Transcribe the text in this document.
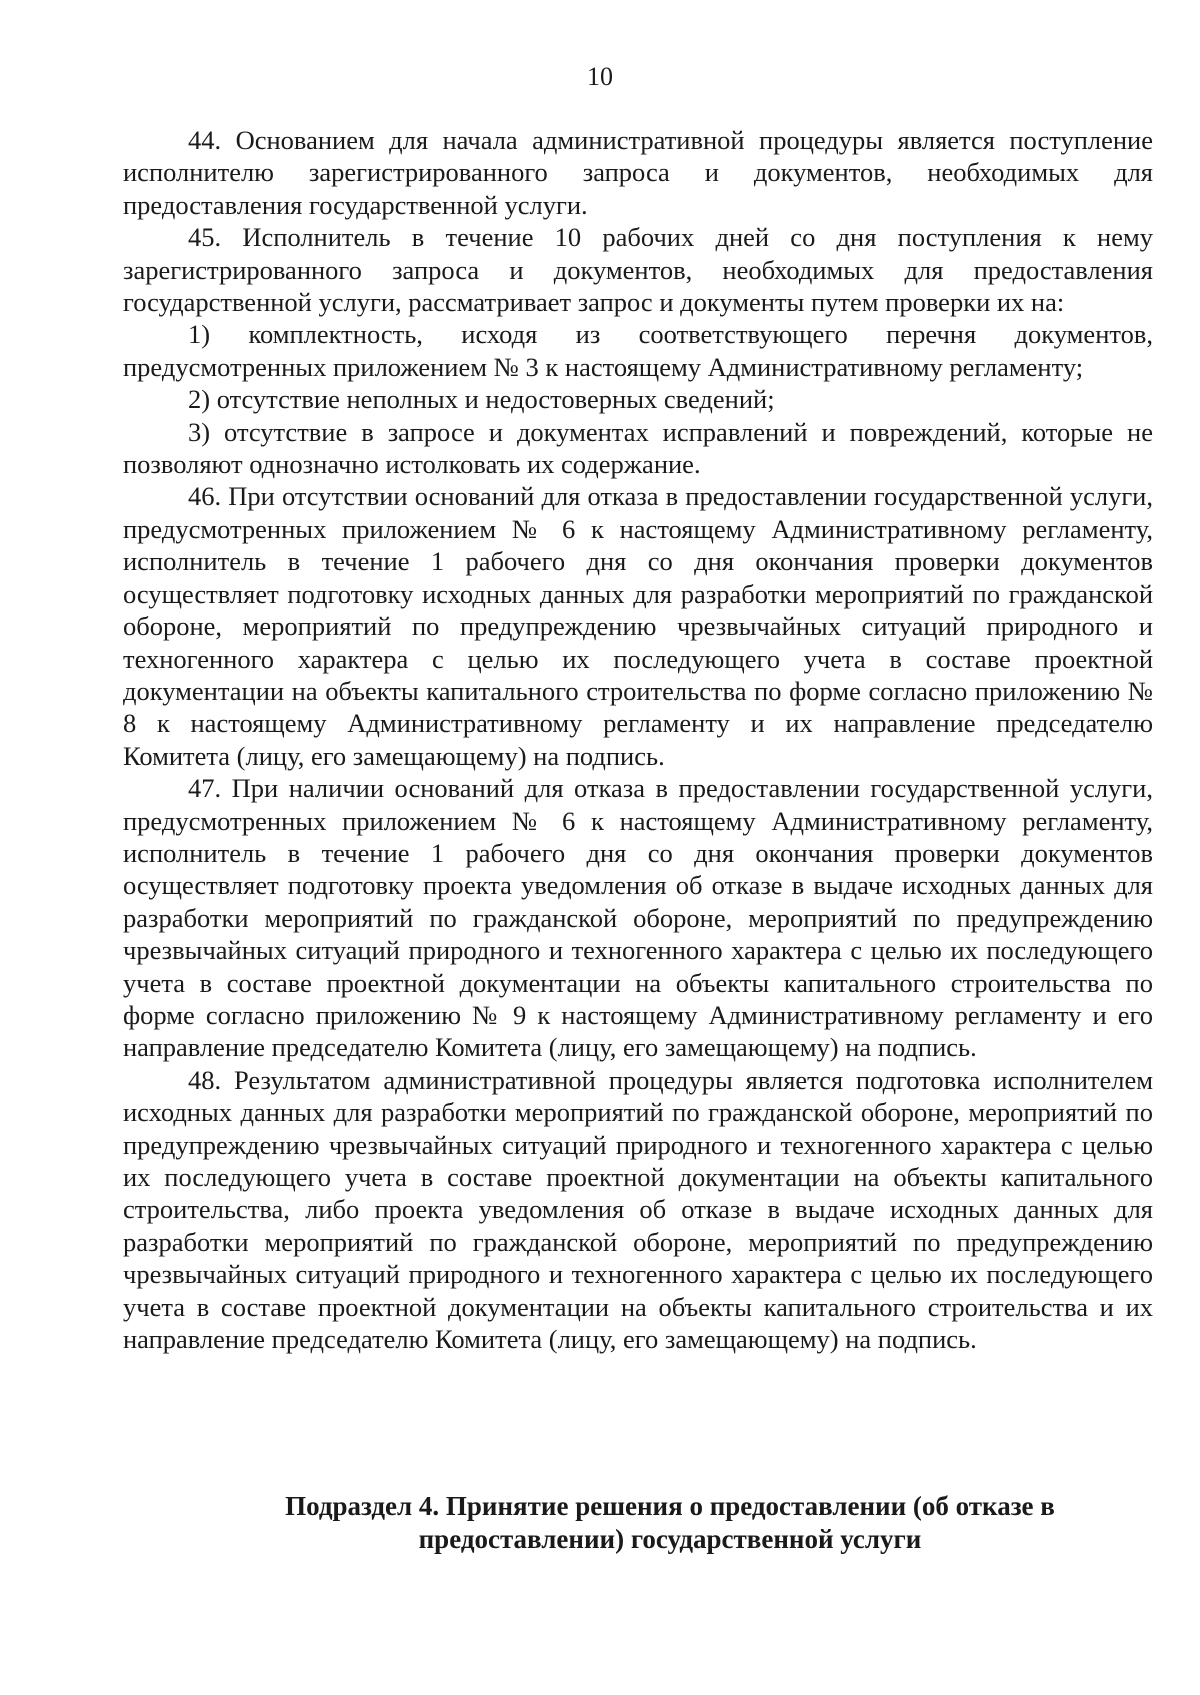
10

44. Основанием для начала административной процедуры является поступление исполнителю зарегистрированного запроса и документов, необходимых для предоставления государственной услуги.

45. Исполнитель в течение 10 рабочих дней со дня поступления к нему зарегистрированного запроса и документов, необходимых для предоставления государственной услуги, рассматривает запрос и документы путем проверки их на:

1) комплектность, исходя из соответствующего перечня документов, предусмотренных приложением № 3 к настоящему Административному регламенту;

2) отсутствие неполных и недостоверных сведений;

3) отсутствие в запросе и документах исправлений и повреждений, которые не позволяют однозначно истолковать их содержание.

46. При отсутствии оснований для отказа в предоставлении государственной услуги, предусмотренных приложением № 6 к настоящему Административному регламенту, исполнитель в течение 1 рабочего дня со дня окончания проверки документов осуществляет подготовку исходных данных для разработки мероприятий по гражданской обороне, мероприятий по предупреждению чрезвычайных ситуаций природного и техногенного характера с целью их последующего учета в составе проектной документации на объекты капитального строительства по форме согласно приложению № 8 к настоящему Административному регламенту и их направление председателю Комитета (лицу, его замещающему) на подпись.

47. При наличии оснований для отказа в предоставлении государственной услуги, предусмотренных приложением № 6 к настоящему Административному регламенту, исполнитель в течение 1 рабочего дня со дня окончания проверки документов осуществляет подготовку проекта уведомления об отказе в выдаче исходных данных для разработки мероприятий по гражданской обороне, мероприятий по предупреждению чрезвычайных ситуаций природного и техногенного характера с целью их последующего учета в составе проектной документации на объекты капитального строительства по форме согласно приложению № 9 к настоящему Административному регламенту и его направление председателю Комитета (лицу, его замещающему) на подпись.

48. Результатом административной процедуры является подготовка исполнителем исходных данных для разработки мероприятий по гражданской обороне, мероприятий по предупреждению чрезвычайных ситуаций природного и техногенного характера с целью их последующего учета в составе проектной документации на объекты капитального строительства, либо проекта уведомления об отказе в выдаче исходных данных для разработки мероприятий по гражданской обороне, мероприятий по предупреждению чрезвычайных ситуаций природного и техногенного характера с целью их последующего учета в составе проектной документации на объекты капитального строительства и их направление председателю Комитета (лицу, его замещающему) на подпись.

Подраздел 4. Принятие решения о предоставлении (об отказе в
предоставлении) государственной услуги
